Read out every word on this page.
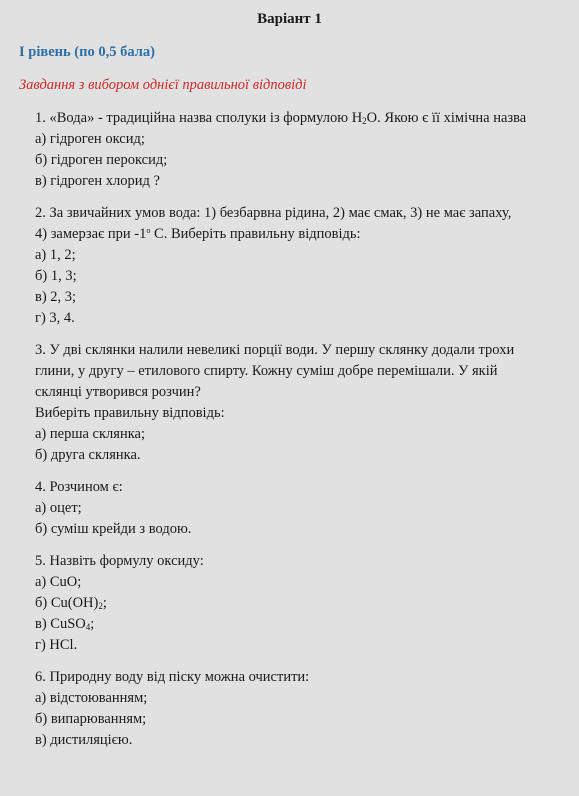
Варіант 1
І рівень (по 0,5 бала)
Завдання з вибором однієї правильної відповіді
1. «Вода» - традиційна назва сполуки із формулою $Н_2О$. Якою є її хімічна назва
а) гідроген оксид;
б) гідроген пероксид;
в) гідроген хлорид ?
2. За звичайних умов вода: 1) безбарвна рідина, 2) має смак, 3) не має запаху,
4) замерзає при $-1^о$ С. Виберіть правильну відповідь:
а) 1, 2;
б) 1, 3;
в) 2, 3;
г) 3, 4.
3. У дві склянки налили невеликі порції води. У першу склянку додали трохи
глини, у другу – етилового спирту. Кожну суміш добре перемішали. У якій
склянці утворився розчин?
Виберіть правильну відповідь:
а) перша склянка;
б) друга склянка.
4. Розчином є:
а) оцет;
б) суміш крейди з водою.
5. Назвіть формулу оксиду:
а) CuO;
б) $Cu(OH)_2$;
в) CuSO$_4$;
г) HCl.
6. Природну воду від піску можна очистити:
а) відстоюванням;
б) випарюванням;
в) дистиляцією.
